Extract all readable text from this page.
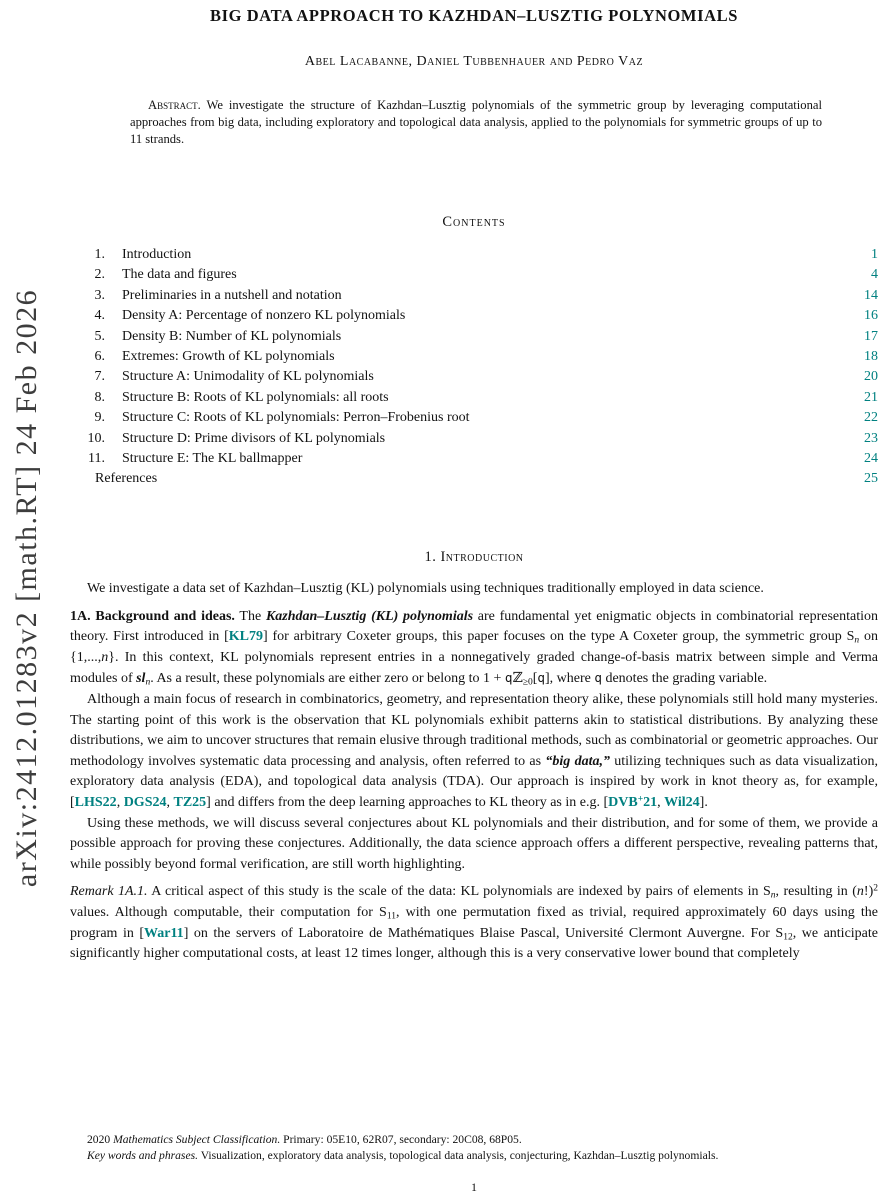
arXiv:2412.01283v2 [math.RT] 24 Feb 2026
BIG DATA APPROACH TO KAZHDAN–LUSZTIG POLYNOMIALS
Abel Lacabanne, Daniel Tubbenhauer and Pedro Vaz
Abstract. We investigate the structure of Kazhdan–Lusztig polynomials of the symmetric group by leveraging computational approaches from big data, including exploratory and topological data analysis, applied to the polynomials for symmetric groups of up to 11 strands.
Contents
1. Introduction	1
2. The data and figures	4
3. Preliminaries in a nutshell and notation	14
4. Density A: Percentage of nonzero KL polynomials	16
5. Density B: Number of KL polynomials	17
6. Extremes: Growth of KL polynomials	18
7. Structure A: Unimodality of KL polynomials	20
8. Structure B: Roots of KL polynomials: all roots	21
9. Structure C: Roots of KL polynomials: Perron–Frobenius root	22
10. Structure D: Prime divisors of KL polynomials	23
11. Structure E: The KL ballmapper	24
References	25
1. Introduction

We investigate a data set of Kazhdan–Lusztig (KL) polynomials using techniques traditionally employed in data science.

1A. Background and ideas. The Kazhdan–Lusztig (KL) polynomials are fundamental yet enigmatic objects in combinatorial representation theory. First introduced in [KL79] for arbitrary Coxeter groups, this paper focuses on the type A Coxeter group, the symmetric group $S_n$ on {1,...,n}. In this context, KL polynomials represent entries in a nonnegatively graded change-of-basis matrix between simple and Verma modules of $sl_n$. As a result, these polynomials are either zero or belong to 1 + qℤ$_{\ge 0}$[q], where q denotes the grading variable.

Although a main focus of research in combinatorics, geometry, and representation theory alike, these polynomials still hold many mysteries. The starting point of this work is the observation that KL polynomials exhibit patterns akin to statistical distributions. By analyzing these distributions, we aim to uncover structures that remain elusive through traditional methods, such as combinatorial or geometric approaches. Our methodology involves systematic data processing and analysis, often referred to as “big data,” utilizing techniques such as data visualization, exploratory data analysis (EDA), and topological data analysis (TDA). Our approach is inspired by work in knot theory as, for example, [LHS22, DGS24, TZ25] and differs from the deep learning approaches to KL theory as in e.g. [DVB+21, Wil24].

Using these methods, we will discuss several conjectures about KL polynomials and their distribution, and for some of them, we provide a possible approach for proving these conjectures. Additionally, the data science approach offers a different perspective, revealing patterns that, while possibly beyond formal verification, are still worth highlighting.

Remark 1A.1. A critical aspect of this study is the scale of the data: KL polynomials are indexed by pairs of elements in $S_n$, resulting in $(n!)^2$ values. Although computable, their computation for $S_{11}$, with one permutation fixed as trivial, required approximately 60 days using the program in [War11] on the servers of Laboratoire de Mathématiques Blaise Pascal, Université Clermont Auvergne. For $S_{12}$, we anticipate significantly higher computational costs, at least 12 times longer, although this is a very conservative lower bound that completely

2020 Mathematics Subject Classification. Primary: 05E10, 62R07, secondary: 20C08, 68P05.

Key words and phrases. Visualization, exploratory data analysis, topological data analysis, conjecturing, Kazhdan–Lusztig polynomials.

1
